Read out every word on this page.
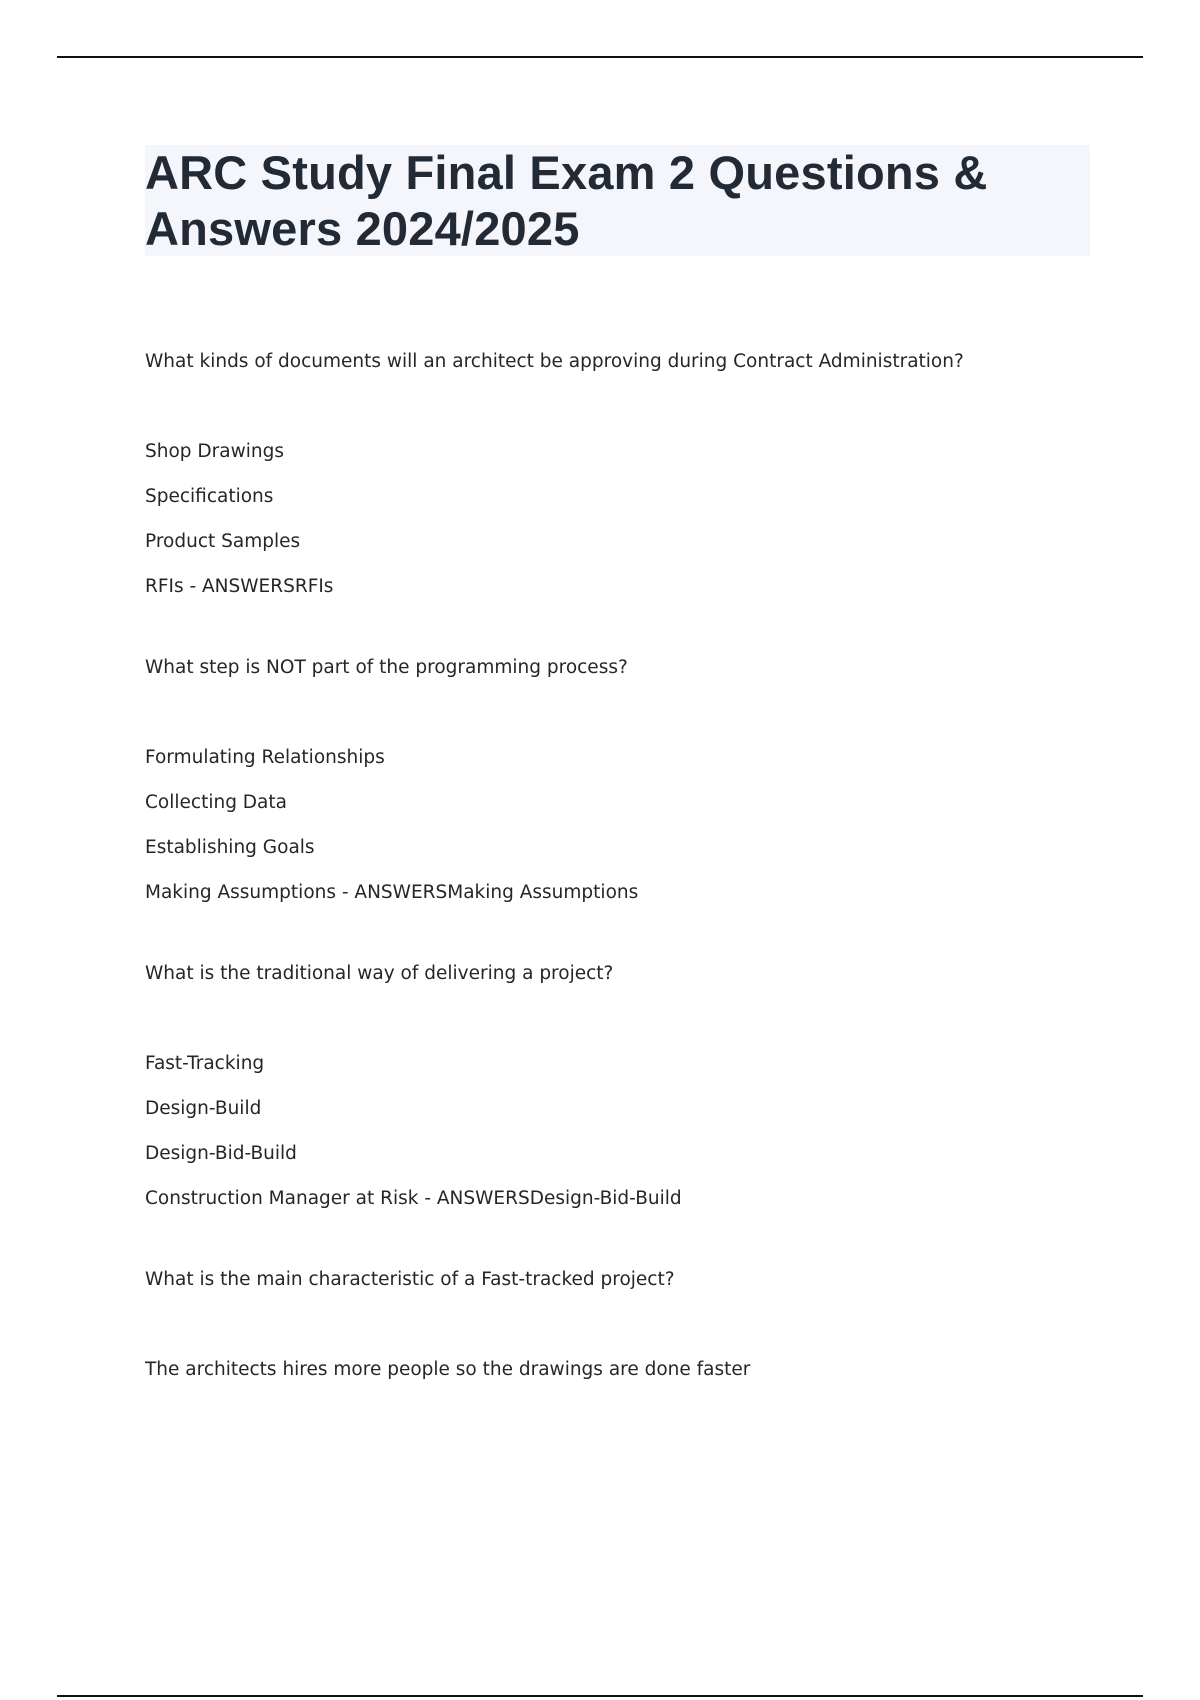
ARC Study Final Exam 2 Questions & Answers 2024/2025

What kinds of documents will an architect be approving during Contract Administration?

Shop Drawings

Specifications

Product Samples

RFIs - ANSWERSRFIs

What step is NOT part of the programming process?

Formulating Relationships

Collecting Data

Establishing Goals

Making Assumptions - ANSWERSMaking Assumptions

What is the traditional way of delivering a project?

Fast-Tracking

Design-Build

Design-Bid-Build

Construction Manager at Risk - ANSWERSDesign-Bid-Build

What is the main characteristic of a Fast-tracked project?

The architects hires more people so the drawings are done faster
